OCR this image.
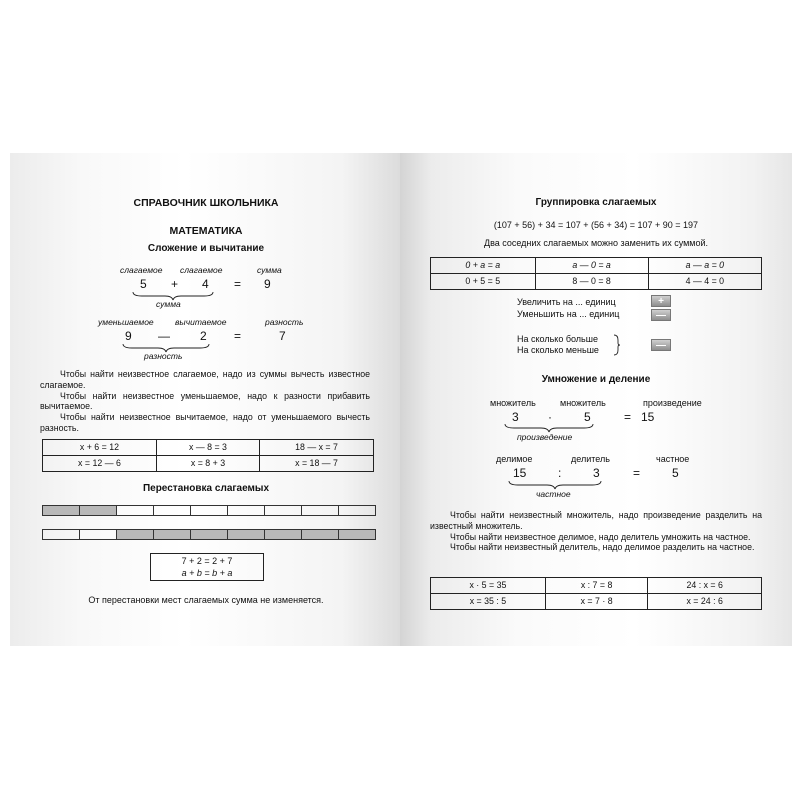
СПРАВОЧНИК ШКОЛЬНИКА
МАТЕМАТИКА
Сложение и вычитание
слагаемое слагаемое	сумма
5 + 4 = 9
сумма
уменьшаемое	вычитаемое	разность
9 —	2 =	7
разность
Чтобы найти неизвестное слагаемое, надо из суммы вычесть известное слагаемое.
Чтобы найти неизвестное уменьшаемое, надо к разности прибавить вычитаемое.
Чтобы найти неизвестное вычитаемое, надо от уменьшаемого вычесть разность.
x + 6 = 12	x — 8 = 3	18 — x = 7
x = 12 — 6	x = 8 + 3	x = 18 — 7
Перестановка слагаемых
7 + 2 = 2 + 7
a + b = b + a
От перестановки мест слагаемых сумма не изменяется.
Группировка слагаемых
(107 + 56) + 34 = 107 + (56 + 34) = 107 + 90 = 197
Два соседних слагаемых можно заменить их суммой.
0 + a = a	a — 0 = a	a — a = 0
0 + 5 = 5	8 — 0 = 8	4 — 4 = 0
Увеличить на ... единиц
Уменьшить на ... единиц
+
—
На сколько больше
На сколько меньше	—
Умножение и деление
множитель	множитель	произведение
3 ·	5	= 15
произведение
делимое	делитель	частное
15	:	3	=	5
частное
Чтобы найти неизвестный множитель, надо произведение разделить на известный множитель.
Чтобы найти неизвестное делимое, надо делитель умножить на частное.
Чтобы найти неизвестный делитель, надо делимое разделить на частное.
x · 5 = 35	x : 7 = 8	24 : x = 6
x = 35 : 5	x = 7 · 8	x = 24 : 6
